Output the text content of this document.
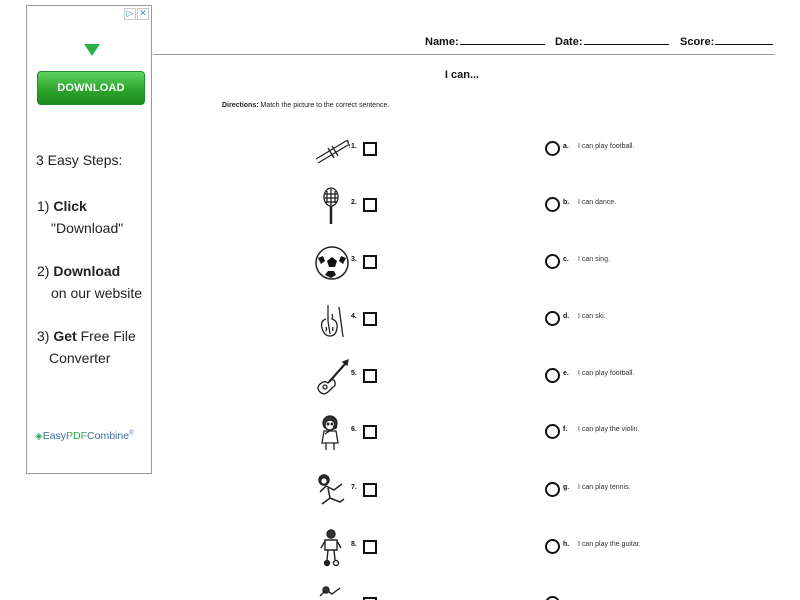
▷ ✕
DOWNLOAD
3 Easy Steps:
1) Click
"Download"
2) Download
on our website
3) Get Free File
Converter
◈EasyPDFCombine®
Name:	Date:	Score:
I can...
Directions: Match the picture to the correct sentence.
1.	a. I can play football.
2.	b. I can dance.
3.	c. I can sing.
4.	d. I can ski.
5.	e. I can play football.
6.	f. I can play the violin.
7.	g. I can play tennis.
8.	h. I can play the guitar.
